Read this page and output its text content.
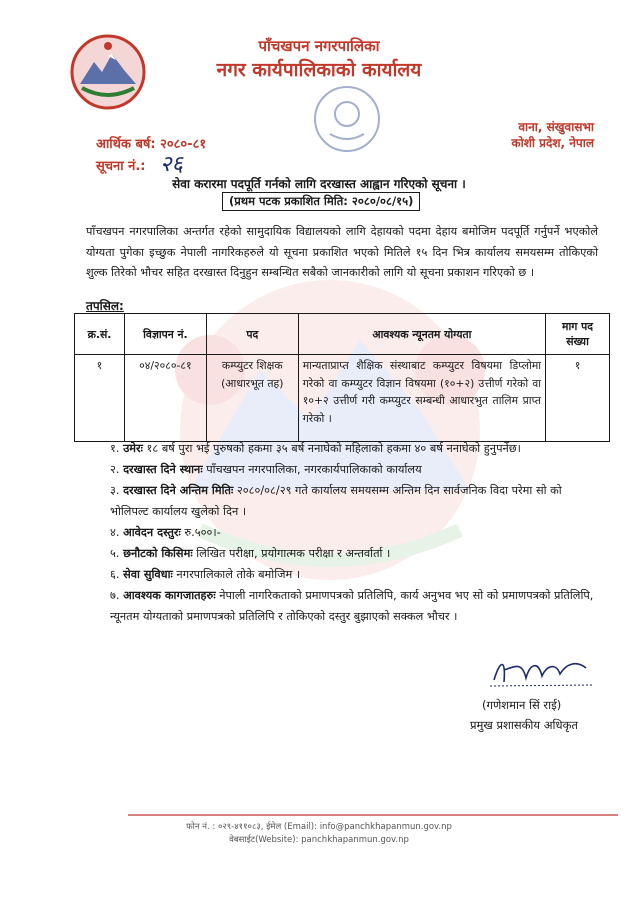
पाँचखपन नगरपालिका
नगर कार्यपालिकाको कार्यालय
वाना, संखुवासभा
कोशी प्रदेश, नेपाल
आर्थिक बर्ष: २०८०-८१
सूचना नं.: २६
सेवा करारमा पदपूर्ति गर्नको लागि दरखास्त आह्वान गरिएको सूचना ।
(प्रथम पटक प्रकाशित मिति: २०८०/०८/१५)
पाँचखपन नगरपालिका अन्तर्गत रहेको सामुदायिक विद्यालयको लागि देहायको पदमा देहाय बमोजिम पदपूर्ति गर्नुपर्ने भएकोले योग्यता पुगेका इच्छुक नेपाली नागरिकहरुले यो सूचना प्रकाशित भएको मितिले १५ दिन भित्र कार्यालय समयसम्म तोकिएको शुल्क तिरेको भौचर सहित दरखास्त दिनुहुन सम्बन्धित सबैको जानकारीको लागि यो सूचना प्रकाशन गरिएको छ ।
तपसिल:
क्र.सं.	विज्ञापन नं.	पद	आवश्यक न्यूनतम योग्यता	माग पद संख्या
१	०४/२०८०-८१	कम्प्युटर शिक्षक (आधारभूत तह)	मान्यताप्राप्त शैक्षिक संस्थाबाट कम्प्युटर विषयमा डिप्लोमा गरेको वा कम्प्युटर विज्ञान विषयमा (१०+२) उत्तीर्ण गरेको वा १०+२ उत्तीर्ण गरी कम्प्युटर सम्बन्धी आधारभुत तालिम प्राप्त गरेको ।	१
१. उमेरः १८ बर्ष पुरा भई पुरुषको हकमा ३५ बर्ष ननाघेको महिलाको हकमा ४० बर्ष ननाघेको हुनुपर्नेछ।
२. दरखास्त दिने स्थानः पाँचखपन नगरपालिका, नगरकार्यपालिकाको कार्यालय
३. दरखास्त दिने अन्तिम मितिः २०८०/०८/२९ गते कार्यालय समयसम्म अन्तिम दिन सार्वजनिक विदा परेमा सो को भोलिपल्ट कार्यालय खुलेको दिन ।
४. आवेदन दस्तुरः रु.५००।-
५. छनौटको किसिमः लिखित परीक्षा, प्रयोगात्मक परीक्षा र अन्तर्वार्ता ।
६. सेवा सुविधाः नगरपालिकाले तोके बमोजिम ।
७. आवश्यक कागजातहरुः नेपाली नागरिकताको प्रमाणपत्रको प्रतिलिपि, कार्य अनुभव भए सो को प्रमाणपत्रको प्रतिलिपि, न्यूनतम योग्यताको प्रमाणपत्रको प्रतिलिपि र तोकिएको दस्तुर बुझाएको सक्कल भौचर ।
(गणेशमान सिं राई)
प्रमुख प्रशासकीय अधिकृत
फोन नं. : ०२९-४११०८३, ईमेल (Email): info@panchkhapanmun.gov.np
वेबसाईट(Website): panchkhapanmun.gov.np
